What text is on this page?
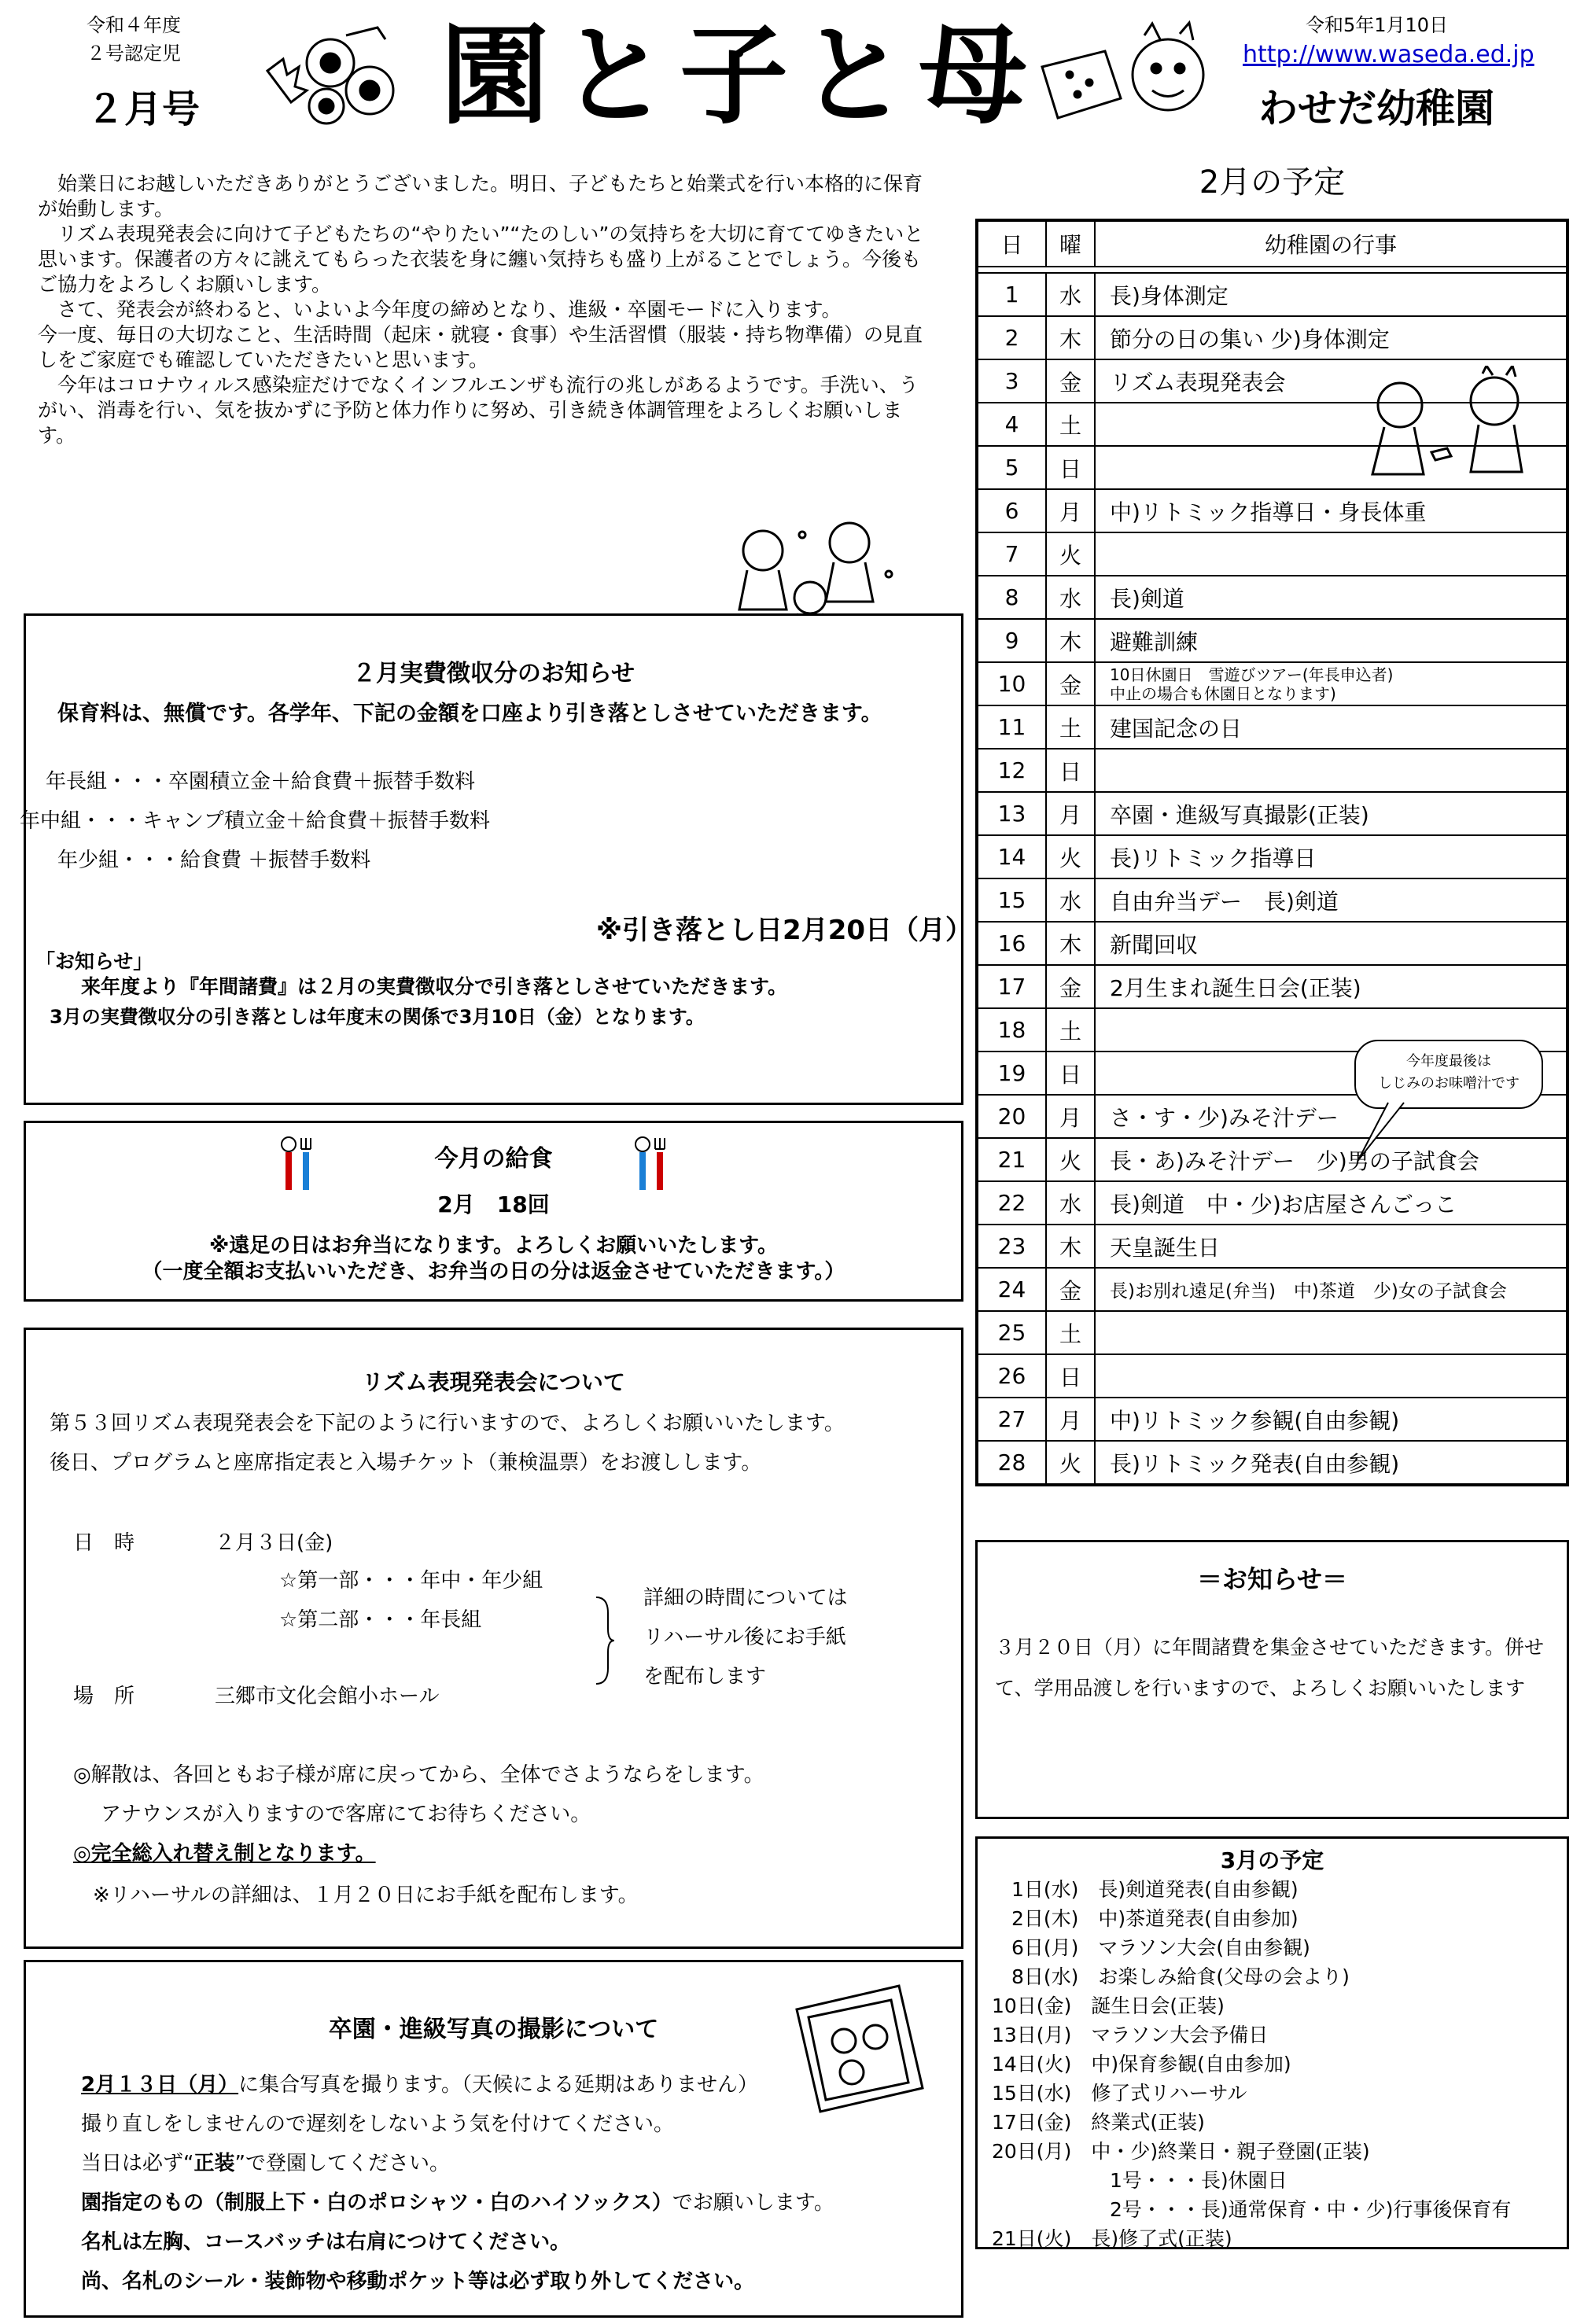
令和４年度
２号認定児
２月号 園と子と母	令和5年1月10日
http://www.waseda.ed.jp
わせだ幼稚園

　始業日にお越しいただきありがとうございました。明日、子どもたちと始業式を行い本格的に保育が始動します。

　リズム表現発表会に向けて子どもたちの“やりたい”“たのしい”の気持ちを大切に育ててゆきたいと思います。保護者の方々に誂えてもらった衣装を身に纏い気持ちも盛り上がることでしょう。今後もご協力をよろしくお願いします。

　さて、発表会が終わると、いよいよ今年度の締めとなり、進級・卒園モードに入ります。

今一度、毎日の大切なこと、生活時間（起床・就寝・食事）や生活習慣（服装・持ち物準備）の見直しをご家庭でも確認していただきたいと思います。

　今年はコロナウィルス感染症だけでなくインフルエンザも流行の兆しがあるようです。手洗い、うがい、消毒を行い、気を抜かずに予防と体力作りに努め、引き続き体調管理をよろしくお願いします。

２月実費徴収分のお知らせ
保育料は、無償です。各学年、下記の金額を口座より引き落としさせていただきます。
年長組・・・卒園積立金＋給食費＋振替手数料
年中組・・・キャンプ積立金＋給食費＋振替手数料
年少組・・・給食費 ＋振替手数料
※引き落とし日2月20日（月）
「お知らせ」
来年度より『年間諸費』は２月の実費徴収分で引き落としさせていただきます。
3月の実費徴収分の引き落としは年度末の関係で3月10日（金）となります。
今月の給食
2月　18回
※遠足の日はお弁当になります。よろしくお願いいたします。
（一度全額お支払いいただき、お弁当の日の分は返金させていただきます。）
リズム表現発表会について
第５３回リズム表現発表会を下記のように行いますので、よろしくお願いいたします。
後日、プログラムと座席指定表と入場チケット（兼検温票）をお渡しします。
日　時	２月３日(金)
☆第一部・・・年中・年少組
☆第二部・・・年長組
詳細の時間については
リハーサル後にお手紙
を配布します
場　所	三郷市文化会館小ホール
◎解散は、各回ともお子様が席に戻ってから、全体でさようならをします。
アナウンスが入りますので客席にてお待ちください。
◎完全総入れ替え制となります。
※リハーサルの詳細は、１月２０日にお手紙を配布します。
卒園・進級写真の撮影について
2月１３日（月）に集合写真を撮ります。（天候による延期はありません）
撮り直しをしませんので遅刻をしないよう気を付けてください。
当日は必ず“正装”で登園してください。
園指定のもの（制服上下・白のポロシャツ・白のハイソックス）でお願いします。
名札は左胸、コースバッチは右肩につけてください。
尚、名札のシール・装飾物や移動ポケット等は必ず取り外してください。
2月の予定
日	曜	幼稚園の行事

1	水	長)身体測定
2	木	節分の日の集い 少)身体測定
3	金	リズム表現発表会
4	土	
5	日	
6	月	中)リトミック指導日・身長体重
7	火	
8	水	長)剣道
9	木	避難訓練
10	金	10日休園日　雪遊びツアー(年長申込者)
中止の場合も休園日となります)

11	土	建国記念の日
12	日	
13	月	卒園・進級写真撮影(正装)
14	火	長)リトミック指導日
15	水	自由弁当デー　長)剣道
16	木	新聞回収
17	金	2月生まれ誕生日会(正装)
18	土	
19	日	
20	月	さ・す・少)みそ汁デー
21	火	長・あ)みそ汁デー　少)男の子試食会
22	水	長)剣道　中・少)お店屋さんごっこ
23	木	天皇誕生日
24	金	長)お別れ遠足(弁当)　中)茶道　少)女の子試食会
25	土	
26	日	
27	月	中)リトミック参観(自由参観)
28	火	長)リトミック発表(自由参観)
今年度最後は
しじみのお味噌汁です
＝お知らせ＝
３月２０日（月）に年間諸費を集金させていただきます。併せて、学用品渡しを行いますので、よろしくお願いいたします
3月の予定
　1日(水)　長)剣道発表(自由参観)
　2日(木)　中)茶道発表(自由参加)
　6日(月)　マラソン大会(自由参観)
　8日(水)　お楽しみ給食(父母の会より)
10日(金)　誕生日会(正装)
13日(月)　マラソン大会予備日
14日(火)　中)保育参観(自由参加)
15日(水)　修了式リハーサル
17日(金)　終業式(正装)
20日(月)　中・少)終業日・親子登園(正装)
　　　　　　1号・・・長)休園日
　　　　　　2号・・・長)通常保育・中・少)行事後保育有
21日(火)　長)修了式(正装)
